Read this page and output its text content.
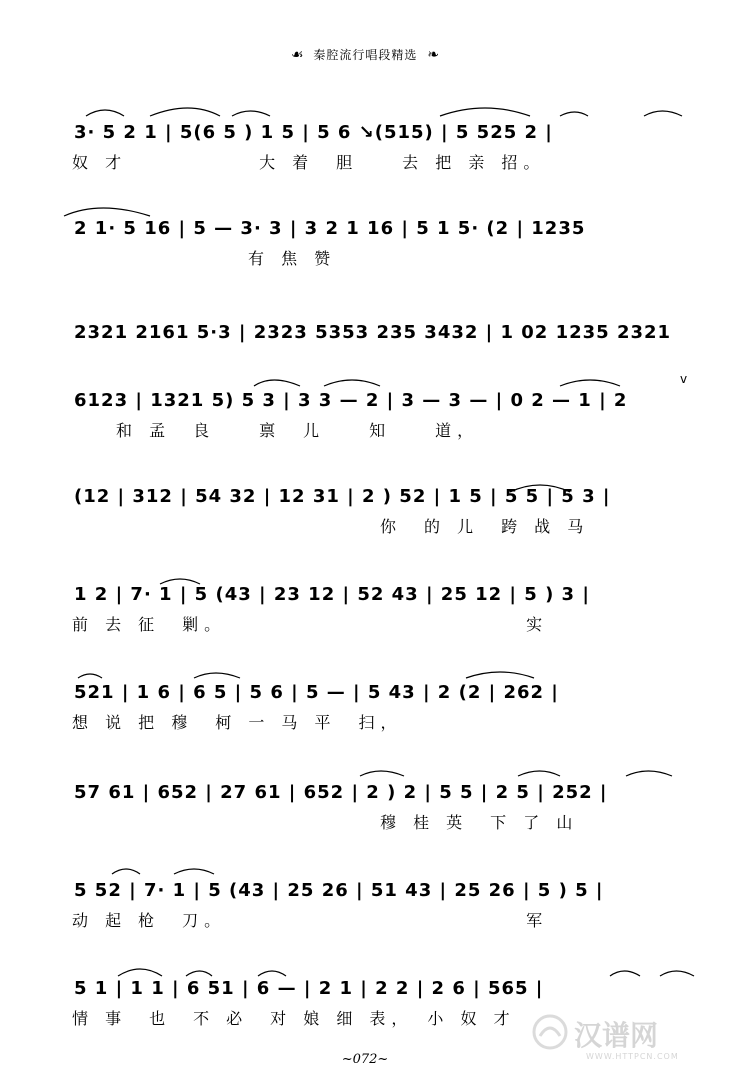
☙ 秦腔流行唱段精选 ❧
3· 5 2 1 | 5(6 5 ) 1 5 | 5 6 ↘(515) | 5 525 2 |
奴 才　　　　　　大 着　胆　　去 把 亲 招。
2 1· 5 16 | 5 — 3· 3 | 3 2 1 16 | 5 1 5· (2 | 1235
　　　　　　　　有 焦 赞
2321 2161 5·3 | 2323 5353 235 3432 | 1 02 1235 2321
6123 | 1321 5) 5 3 | 3 3 — 2 | 3 — 3 — | 0 2 — 1 | 2
　　和 孟　良　　禀　儿　　知　　道，
v
(12 | 312 | 54 32 | 12 31 | 2 ) 52 | 1 5 | 5 5 | 5 3 |
　　　　　　　　　　　　　　你　的 儿　跨 战 马
1 2 | 7· 1 | 5 (43 | 23 12 | 52 43 | 25 12 | 5 ) 3 |
前 去 征　剿。　　　　　　　　　　　　　　实
521 | 1 6 | 6 5 | 5 6 | 5 — | 5 43 | 2 (2 | 262 |
想 说 把 穆　柯 一 马 平　扫，
57 61 | 652 | 27 61 | 652 | 2 ) 2 | 5 5 | 2 5 | 252 |
　　　　　　　　　　　　　　穆 桂 英　下 了 山
5 52 | 7· 1 | 5 (43 | 25 26 | 51 43 | 25 26 | 5 ) 5 |
动 起 枪　刀。　　　　　　　　　　　　　　军
5 1 | 1 1 | 6 51 | 6 — | 2 1 | 2 2 | 2 6 | 565 |
情 事　也　不 必　对 娘 细 表，　小 奴 才
汉谱网
WWW.HTTPCN.COM
~072~
